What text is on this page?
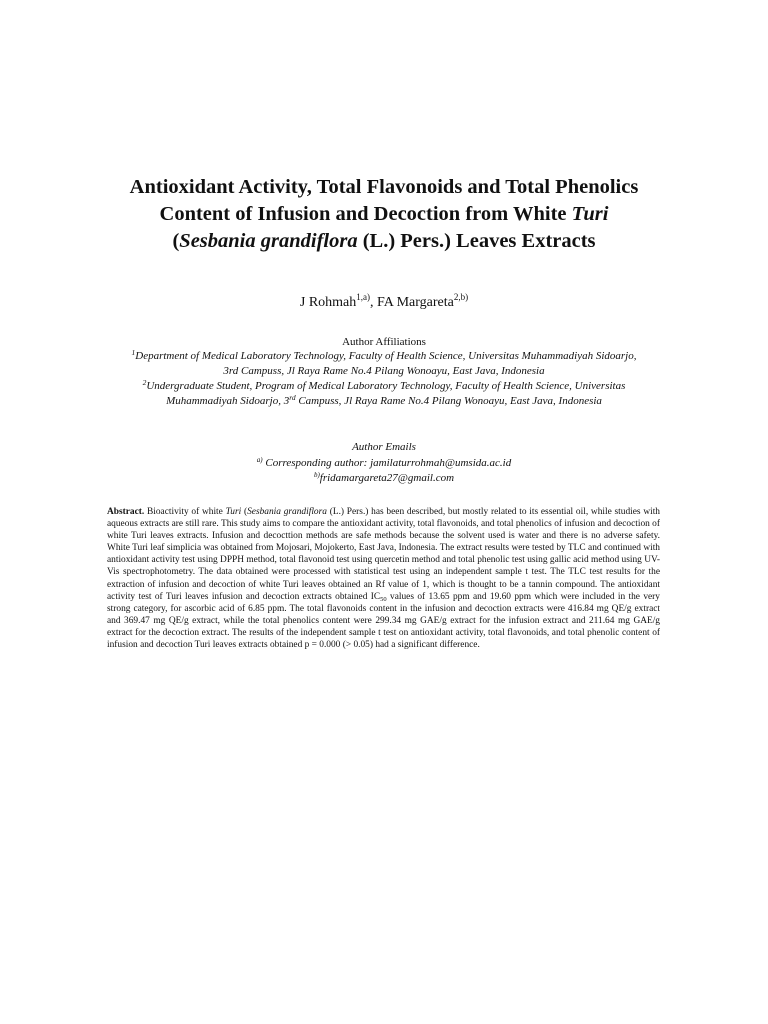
Antioxidant Activity, Total Flavonoids and Total Phenolics
Content of Infusion and Decoction from White Turi
(Sesbania grandiflora (L.) Pers.) Leaves Extracts
J Rohmah$^{1,a)}$, FA Margareta$^{2,b)}$
Author Affiliations
$^1$Department of Medical Laboratory Technology, Faculty of Health Science, Universitas Muhammadiyah Sidoarjo,
3rd Campuss, Jl Raya Rame No.4 Pilang Wonoayu, East Java, Indonesia
$^2$Undergraduate Student, Program of Medical Laboratory Technology, Faculty of Health Science, Universitas
Muhammadiyah Sidoarjo, 3rd Campuss, Jl Raya Rame No.4 Pilang Wonoayu, East Java, Indonesia
Author Emails
$^{a)}$ Corresponding author: jamilaturrohmah@umsida.ac.id
$^{b)}$fridamargareta27@gmail.com
Abstract. Bioactivity of white Turi (Sesbania grandiflora (L.) Pers.) has been described, but mostly related to its essential oil, while studies with aqueous extracts are still rare. This study aims to compare the antioxidant activity, total flavonoids, and total phenolics of infusion and decoction of white Turi leaves extracts. Infusion and decocttion methods are safe methods because the solvent used is water and there is no adverse safety. White Turi leaf simplicia was obtained from Mojosari, Mojokerto, East Java, Indonesia. The extract results were tested by TLC and continued with antioxidant activity test using DPPH method, total flavonoid test using quercetin method and total phenolic test using gallic acid method using UV-Vis spectrophotometry. The data obtained were processed with statistical test using an independent sample t test. The TLC test results for the extraction of infusion and decoction of white Turi leaves obtained an Rf value of 1, which is thought to be a tannin compound. The antioxidant activity test of Turi leaves infusion and decoction extracts obtained $IC_{50}$ values of 13.65 ppm and 19.60 ppm which were included in the very strong category, for ascorbic acid of 6.85 ppm. The total flavonoids content in the infusion and decoction extracts were 416.84 mg QE/g extract and 369.47 mg QE/g extract, while the total phenolics content were 299.34 mg GAE/g extract for the infusion extract and 211.64 mg GAE/g extract for the decoction extract. The results of the independent sample t test on antioxidant activity, total flavonoids, and total phenolic content of infusion and decoction Turi leaves extracts obtained p = 0.000 (> 0.05) had a significant difference.
